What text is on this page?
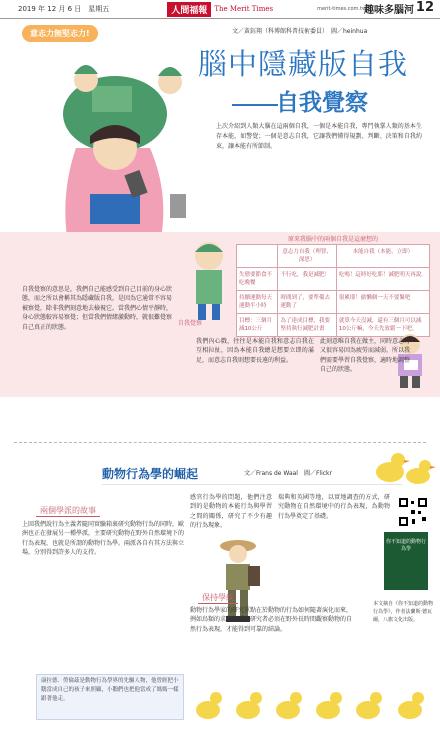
2019 年 12 月 6 日　星期五	人間福報	The Merit Times	merit-times.com.tw
趣味多腦河 12
意志力無堅志力!	文／黃鈺翔（科博館科普技術委員）　圖／heinhua
腦中隱藏版自我
自我覺察
上次介紹到人類大腦在這兩個自我，一個是本能自我，專門執掌人類的基本生存本能，如警覺；一個是意志自我，它讓我們懂得規劃、判斷、決策和自我約束，讓本能有所節制。
自我覺察
原来我腦中的兩個自我是這麼想的
	意志力自我（理智、深思）	本能自我（本能、立即）
失戀要節食不吃晚餐	不行吃，我是減肥！	吃嗎！這時好吃耶！減肥明天再說。
持續運動每天運動半小時	時間到了，要準備去運動了	很累耶！偷懶個一天不要緊吧
目標：三個月減10公斤	為了達成目標，我要堅持執行減肥計畫	就算今天沒減，還有三個月可以減10公斤嘛，今天先放鬆一下吧。
自我覺察的意思是，我們自己能感受到自己目前的身心狀態，而之所以會稱其為隱藏版自我，是因為它通常不容易被察覺，除非我們刻意地去檢視它。當我們心情平靜時，身心狀態較容易察覺；但當我們情緒激動時，就很難覺察自己真正的狀態。
我們內心戲，往往是本能自我和意志自我在互相拉扯，因為本能自我總是想要立即的滿足，而意志自我則想要長遠的利益。
此刻意唯自我在做主，同時意志力又很容易因為疲勞而減弱，所以我們需要學習自我覺察，適時地調整自己的狀態。
動物行為學的崛起	文／Frans de Waal　圖／Flickr
兩個學派的故事
上回我們說行為主義者隨同實驗箱裏研究動物行為的同時，歐洲也正在發展另一種學派，主要研究動物在野外自然環境下的行為表現，也就是所謂的動物行為學。兩派各自有其方法與立場，分別得到許多人的支持。
感官行為學的問題，他們注意到的是動物的本能行為與學習之間的關係，研究了不少有趣的行為現象。
保持學統
動物行為學家的研究重點在於動物的行為如何隨著演化而來，例如鳥類的求偶舞蹈，研究者必須在野外長時間觀察動物的自然行為表現，才能得到可靠的結論。
瑞典和英國等地，以實地調查的方式，研究動物在自然環境中的行為表現，為動物行為學奠定了基礎。
你不知道的動物行為學
本文摘自《你不知道的動物行為學》，作者法蘭斯‧德瓦爾，八旗文化出版。
康拉德．勞倫茲是動物行為學界的先驅人物，他曾經把小鵝當成自己的孩子來照顧，小鵝們也把他當成了媽媽一樣跟著他走。
